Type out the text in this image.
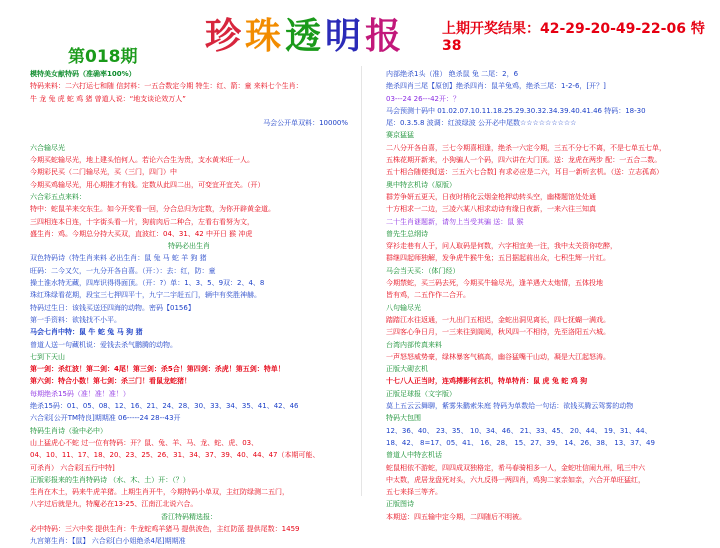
珍珠透明报	上期开奖结果：42-29-20-49-22-06 特38
第018期
模特美女献特码（准确率100%）
特码来料：二六打运七和随 信封料：一五合数定今期 特生：红、箭：童 来料七个生肖：
牛 龙 兔 虎 蛇 鸡 猪 曾道人说：“地支谈论效万人”

马会公开单双料：10000%

六合输尽光
今期买蛇输尽光，地上建头怕何人。若论六合生为贵，支水黄米旺一人。
今期彩民买（二门输尽光，买（三门，四门）中
今期买鸡输尽光，用心期推才有钱。定数从此四二出，可变宜开宜关。（开）
六合彩五点来料：
特中：蛇鼠羊来交东生。如今开奖看一回，分合总归为定数，为你开辟黄金道。
三四相连本日连，十字街头看一片，狗前肉后二种合，左看右看努为文，
盛生肖：鸡。今期总分持大买双，直波红：04、31、42 中开日 猴 冲虎
特码必出生肖
双色特码诗（特生肖来料 必出生肖：鼠 兔 马 蛇 羊 狗 猪
旺码：二今又欠，一九分开各自喜。（开：）：去：红，防：童
操土淮水特无藏，四库识得得面顶。（开：?）单：1、3、5、9双：2、4、8
珠红珠绿看花期，段宝三七押四平十，九宁二宇赶五门，辆中有奖胜神赫。
特码过生日：该钱买送还四海的动物。密码【0156】
第一手资料：欲钱找不小平。
马会七肖中特：鼠 牛 蛇 兔 马 狗 猪
曾道人送一句藏机说：爱钱去杀气鹏腾的动物。
七到下天山
第一剑：杀红波！第二剑：4尾！第三剑：杀5合！第四剑：杀虎！第五剑：特单！
第六剑：特合小数！第七剑：杀三门！看鼠龙蛇猪！
每期绝杀15码（准！准！准！）
绝杀15码：01、05、08、12、16、21、24、28、30、33、34、35、41、42、46
六合彩[公开TM特良]期期准 06-----24 28--43开
特码生肖诗（验中必中）
山上猛虎心不蛇 过一位有特码：开？鼠、兔、羊、马、龙、蛇、虎、03、
04、10、11、17、18、20、23、25、26、31、34、37、39、40、44、47（本期可能、
可杀肖） 六合彩[五行中特]
正版彩报来的生肖特码诗 （水、木、土）开：（？）
生肖在木土，码来牛虎羊猪。上期生肖开牛，今期特码小单双，主红防绿测二五门，
八字过后就是九，特魔必在13-25、江南江北说六合。
香江特码精选报：
必中特码：三六中奖 提供生肖：牛龙蛇鸡羊猪马 提供波色，主红防蓝 提供尾数：1459
九宫第生肖：【鼠】 六合彩[白小姐绝杀4尾]期期准
内部绝杀1头（准） 绝杀鼠 兔 二尾：2，6
绝杀四肖三尾【原创】绝杀四肖：鼠羊兔鸡，绝杀三尾：1-2-6，[开？]
03---24 26---42开：？
马会预测十码中 01.02.07.10.11.18.25.29.30.32.34.39.40.41.46 特码：18-30
尾：0.3.5.8 波调：红波绿波 公开必中尾数☆☆☆☆☆☆☆☆☆
赛京猛猛
二八分开各自喜，三七今期喜相逢，绝杀一六定今期，三五不分七不离，不是七单五七单，
五株花期开新来，小狗骗人一个码，四六讲在大门顶。送：龙虎在两步 配：一五合二数。
五十相合随便我[送：三五六七合数] 有求必应是二六，耳目一新听玄机。（送：立志孤高）
奥中特玄机诗（原版）
群芳争妍五更天，日夜时梢化云烟金枪押动转头空，幽楼题馆处处通
十方相求一二边，三凌六某八相求动诗有缘日夜新，一来六往三知真
二十生肖谜题新，请勿上当受其骗 送：鼠 猴
曾先生总纲诗
穿衫走巷有人于，问人取码是何数，六字相宜美一注，我中太关资你吃醉，
群继四起师独解，发争虎牛猴牛兔；五吕据起前出众，七积生辉一片红。
马会当天买：（体门经）
今期禁蛇，买三码去死，今期买牛输尽光，逢羊遇犬太炮情，五体投地
皆有鸡，二五作作二合开。
八句输尽光
踏踏江水往返通，一九出门五相迟，金蛇出洞见离长，四七抚蝴一满戏。
三四客心争日月，一三来往到阁阅，秋风四一不相待，先至洛阳五六城。
台湾内部传真来料
一声怒怒威势豪，绿林暴客气稿高，幽谷猛嘴干山动，凝是大江起怒涛。
正版大砌玄机
十七八人正当时，连鸡搏影何玄机，特单特肖：鼠 虎 兔 蛇 鸡 狗
正版足球报（文字版）
莫上五云云舞聊，紫雾朱鹳索朱庭 特码为单数给一句话：欲钱买腾云驾雾的动物
特码大包围
12、36、40、 23、35、 10、34、46、 21、33、45、 20、44、 19、31、44、
18、42、 8=17、05、41、 16、28、 15、27、39、 14、26、38、 13、37、49
曾道人中特玄机话
蛇鼠相依不游蛇，四四成双独格定，希马春骑相多一人，金蛇吐信闹九州，吼三中六
中太数，虎居龙盘死对头，六九反得一两四肖，鸡狗二家亲如亲，六合开单旺猛红，
五七来择三等齐。
正版图诗
本期送：四五输中定今期，二四随后不明被。
